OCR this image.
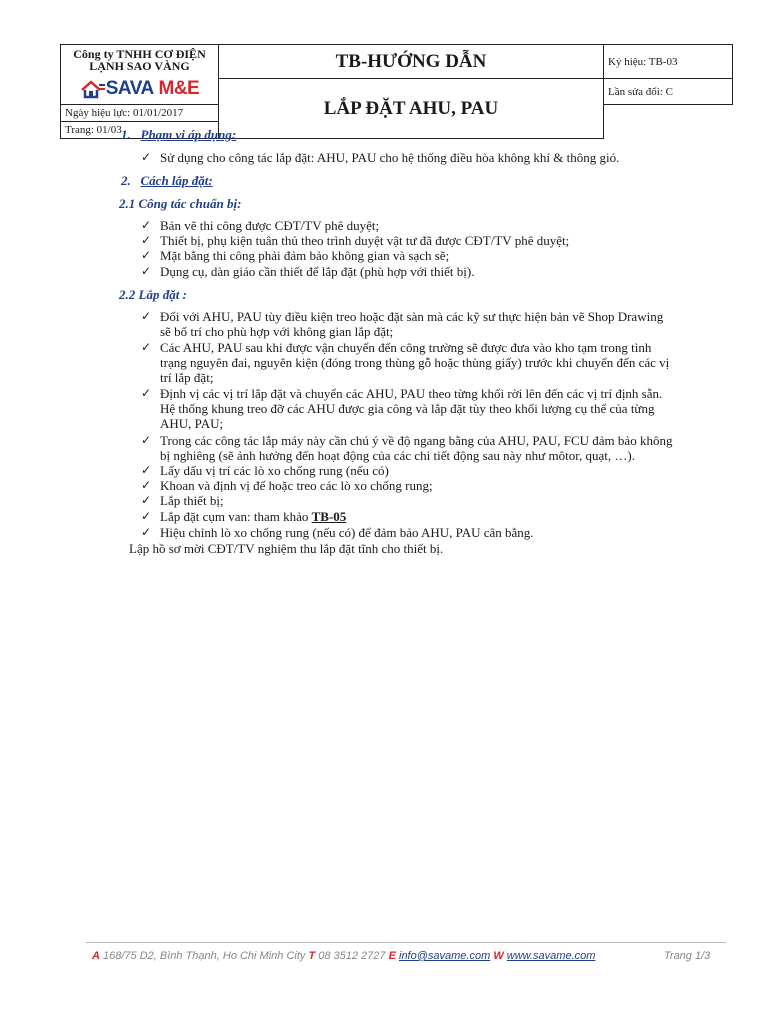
Công ty TNHH CƠ ĐIỆN
LẠNH SAO VÀNG
SAVA M&E	TB-HƯỚNG DẪN	Ký hiệu: TB-03
	LẮP ĐẶT AHU, PAU	Lần sửa đổi: C
Ngày hiệu lực: 01/01/2017		
Trang: 01/03		1. Phạm vi áp dụng:
✓ Sử dụng cho công tác lắp đặt: AHU, PAU cho hệ thống điều hòa không khí & thông gió.
2. Cách lắp đặt:
2.1 Công tác chuẩn bị:
✓ Bản vẽ thi công được CĐT/TV phê duyệt;
✓ Thiết bị, phụ kiện tuân thủ theo trình duyệt vật tư đã được CĐT/TV phê duyệt;
✓ Mặt bằng thi công phải đảm bảo không gian và sạch sẽ;
✓ Dụng cụ, dàn giáo cần thiết để lắp đặt (phù hợp với thiết bị).
2.2 Lắp đặt :
✓ Đối với AHU, PAU tùy điều kiện treo hoặc đặt sàn mà các kỹ sư thực hiện bản vẽ Shop Drawing
sẽ bố trí cho phù hợp với không gian lắp đặt;
✓ Các AHU, PAU sau khi được vận chuyển đến công trường sẽ được đưa vào kho tạm trong tình
trạng nguyên đai, nguyên kiện (đóng trong thùng gỗ hoặc thùng giấy) trước khi chuyển đến các vị
trí lắp đặt;
✓ Định vị các vị trí lắp đặt và chuyển các AHU, PAU theo từng khối rời lên đến các vị trí định sẵn.
Hệ thống khung treo đỡ các AHU được gia công và lắp đặt tùy theo khối lượng cụ thể của từng
AHU, PAU;
✓ Trong các công tác lắp máy này cần chú ý về độ ngang bằng của AHU, PAU, FCU đảm bảo không
bị nghiêng (sẽ ảnh hưởng đến hoạt động của các chi tiết động sau này như môtor, quạt, …).
✓ Lấy dấu vị trí các lò xo chống rung (nếu có)
✓ Khoan và định vị đế hoặc treo các lò xo chống rung;
✓ Lắp thiết bị;
✓ Lắp đặt cụm van: tham khảo TB-05
✓ Hiệu chỉnh lò xo chống rung (nếu có) để đảm bảo AHU, PAU cân bằng.
Lập hồ sơ mời CĐT/TV nghiệm thu lắp đặt tĩnh cho thiết bị.
A 168/75 D2, Bình Thạnh, Ho Chi Minh City T 08 3512 2727 E info@savame.com W www.savame.com	Trang 1/3
